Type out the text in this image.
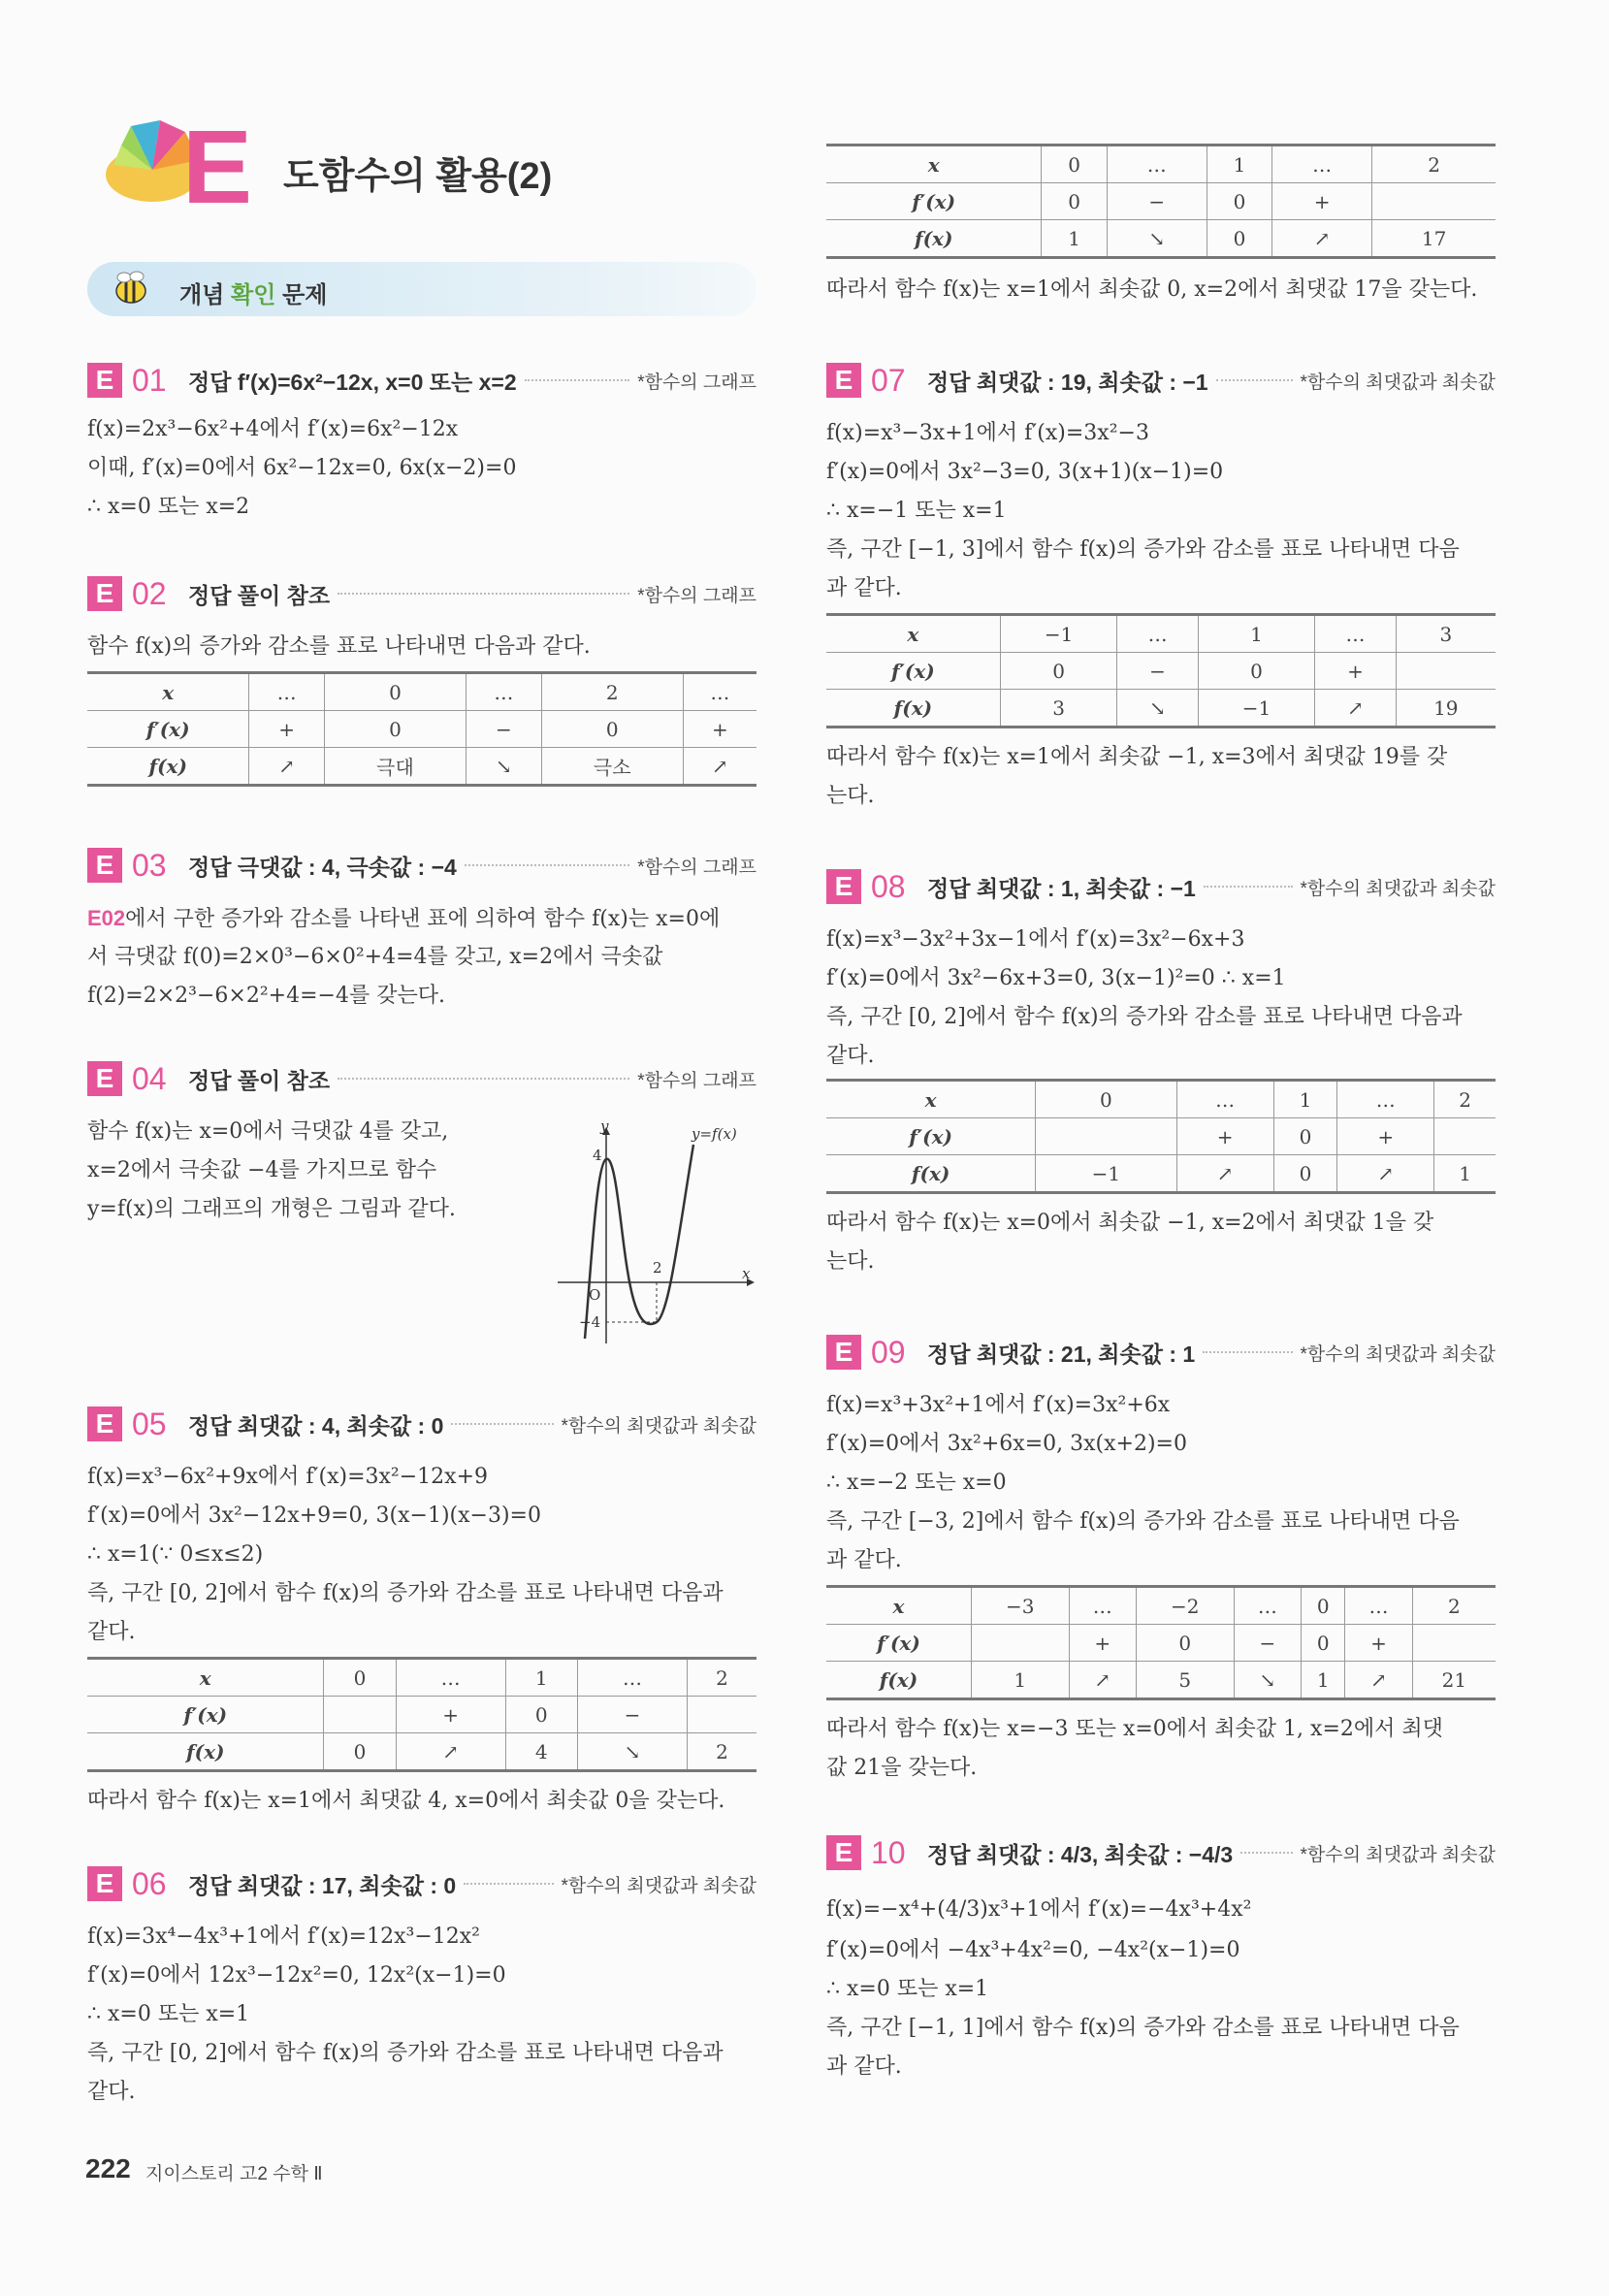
E 도함수의 활용(2)
개념 확인 문제
E 01 정답 f′(x)=6x²−12x, x=0 또는 x=2	*함수의 그래프
f(x)=2x³−6x²+4에서 f′(x)=6x²−12x
이때, f′(x)=0에서 6x²−12x=0, 6x(x−2)=0
∴ x=0 또는 x=2
E 02 정답 풀이 참조	*함수의 그래프
함수 f(x)의 증가와 감소를 표로 나타내면 다음과 같다.
x	…	0	…	2	…
f′(x)	+	0	−	0	+
f(x)	↗	극대	↘	극소	↗
E 03 정답 극댓값 : 4, 극솟값 : −4	*함수의 그래프
E02에서 구한 증가와 감소를 나타낸 표에 의하여 함수 f(x)는 x=0에
서 극댓값 f(0)=2×0³−6×0²+4=4를 갖고, x=2에서 극솟값
f(2)=2×2³−6×2²+4=−4를 갖는다.
E 04 정답 풀이 참조	*함수의 그래프
함수 f(x)는 x=0에서 극댓값 4를 갖고,
x=2에서 극솟값 −4를 가지므로 함수
y=f(x)의 그래프의 개형은 그림과 같다.
y
x
y=f(x)
O
4
−4
2
E 05 정답 최댓값 : 4, 최솟값 : 0	*함수의 최댓값과 최솟값
f(x)=x³−6x²+9x에서 f′(x)=3x²−12x+9
f′(x)=0에서 3x²−12x+9=0, 3(x−1)(x−3)=0
∴ x=1(∵ 0≤x≤2)
즉, 구간 [0, 2]에서 함수 f(x)의 증가와 감소를 표로 나타내면 다음과
같다.
x	0	…	1	…	2
f′(x)		+	0	−	
f(x)	0	↗	4	↘	2
따라서 함수 f(x)는 x=1에서 최댓값 4, x=0에서 최솟값 0을 갖는다.
E 06 정답 최댓값 : 17, 최솟값 : 0	*함수의 최댓값과 최솟값
f(x)=3x⁴−4x³+1에서 f′(x)=12x³−12x²
f′(x)=0에서 12x³−12x²=0, 12x²(x−1)=0
∴ x=0 또는 x=1
즉, 구간 [0, 2]에서 함수 f(x)의 증가와 감소를 표로 나타내면 다음과
같다.
222 지이스토리 고2 수학 Ⅱ
x	0	…	1	…	2
f′(x)	0	−	0	+	
f(x)	1	↘	0	↗	17
따라서 함수 f(x)는 x=1에서 최솟값 0, x=2에서 최댓값 17을 갖는다.
E 07 정답 최댓값 : 19, 최솟값 : −1	*함수의 최댓값과 최솟값
f(x)=x³−3x+1에서 f′(x)=3x²−3
f′(x)=0에서 3x²−3=0, 3(x+1)(x−1)=0
∴ x=−1 또는 x=1
즉, 구간 [−1, 3]에서 함수 f(x)의 증가와 감소를 표로 나타내면 다음
과 같다.
x	−1	…	1	…	3
f′(x)	0	−	0	+	
f(x)	3	↘	−1	↗	19
따라서 함수 f(x)는 x=1에서 최솟값 −1, x=3에서 최댓값 19를 갖
는다.
E 08 정답 최댓값 : 1, 최솟값 : −1	*함수의 최댓값과 최솟값
f(x)=x³−3x²+3x−1에서 f′(x)=3x²−6x+3
f′(x)=0에서 3x²−6x+3=0, 3(x−1)²=0 ∴ x=1
즉, 구간 [0, 2]에서 함수 f(x)의 증가와 감소를 표로 나타내면 다음과
같다.
x	0	…	1	…	2
f′(x)		+	0	+	
f(x)	−1	↗	0	↗	1
따라서 함수 f(x)는 x=0에서 최솟값 −1, x=2에서 최댓값 1을 갖
는다.
E 09 정답 최댓값 : 21, 최솟값 : 1	*함수의 최댓값과 최솟값
f(x)=x³+3x²+1에서 f′(x)=3x²+6x
f′(x)=0에서 3x²+6x=0, 3x(x+2)=0
∴ x=−2 또는 x=0
즉, 구간 [−3, 2]에서 함수 f(x)의 증가와 감소를 표로 나타내면 다음
과 같다.
x	−3	…	−2	…	0	…	2
f′(x)		+	0	−	0	+	
f(x)	1	↗	5	↘	1	↗	21
따라서 함수 f(x)는 x=−3 또는 x=0에서 최솟값 1, x=2에서 최댓
값 21을 갖는다.
E 10 정답 최댓값 : 4/3, 최솟값 : −4/3	*함수의 최댓값과 최솟값
f(x)=−x⁴+(4/3)x³+1에서 f′(x)=−4x³+4x²
f′(x)=0에서 −4x³+4x²=0, −4x²(x−1)=0
∴ x=0 또는 x=1
즉, 구간 [−1, 1]에서 함수 f(x)의 증가와 감소를 표로 나타내면 다음
과 같다.
